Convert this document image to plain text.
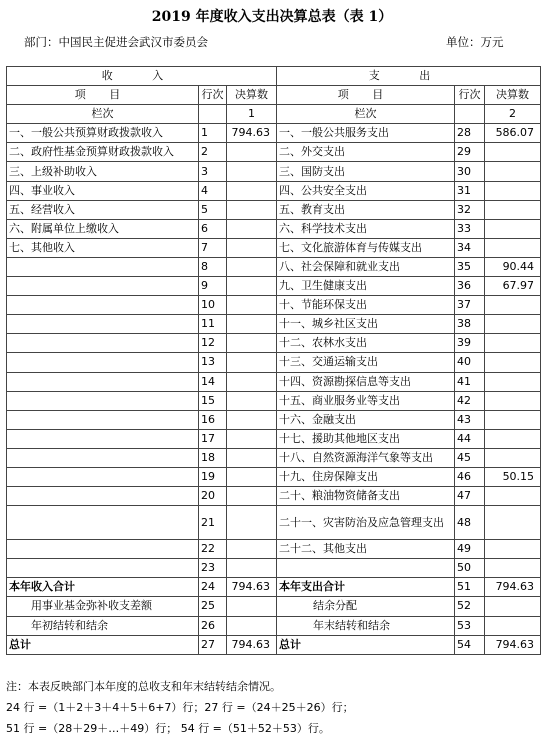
2019 年度收入支出决算总表（表 1）
部门：中国民主促进会武汉市委员会	单位：万元
收 入			支 出		
项 目	行次	决算数	项 目	行次	决算数
栏次		1	栏次		2
一、一般公共预算财政拨款收入	1	794.63	一、一般公共服务支出	28	586.07
二、政府性基金预算财政拨款收入	2		二、外交支出	29	
三、上级补助收入	3		三、国防支出	30	
四、事业收入	4		四、公共安全支出	31	
五、经营收入	5		五、教育支出	32	
六、附属单位上缴收入	6		六、科学技术支出	33	
七、其他收入	7		七、文化旅游体育与传媒支出	34	
	8		八、社会保障和就业支出	35	90.44
	9		九、卫生健康支出	36	67.97
	10		十、节能环保支出	37	
	11		十一、城乡社区支出	38	
	12		十二、农林水支出	39	
	13		十三、交通运输支出	40	
	14		十四、资源勘探信息等支出	41	
	15		十五、商业服务业等支出	42	
	16		十六、金融支出	43	
	17		十七、援助其他地区支出	44	
	18		十八、自然资源海洋气象等支出	45	
	19		十九、住房保障支出	46	50.15
	20		二十、粮油物资储备支出	47	
	21		二十一、灾害防治及应急管理支出	48	
	22		二十二、其他支出	49	
	23			50	
本年收入合计	24	794.63	本年支出合计	51	794.63
用事业基金弥补收支差额	25		结余分配	52	
年初结转和结余	26		年末结转和结余	53	
总计	27	794.63	总计	54	794.63
注：本表反映部门本年度的总收支和年末结转结余情况。
24 行 =（1＋2＋3＋4＋5＋6+7）行；27 行 =（24＋25＋26）行；
51 行 =（28＋29＋…＋49）行； 54 行 =（51＋52＋53）行。
